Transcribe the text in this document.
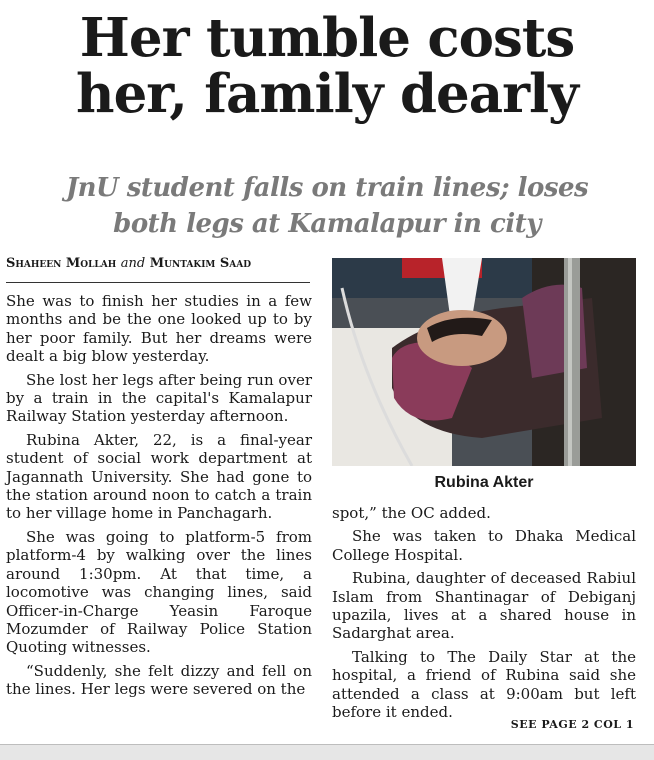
Her tumble costs
her, family dearly
JnU student falls on train lines; loses
both legs at Kamalapur in city
Shaheen Mollah and Muntakim Saad

She was to finish her studies in a few months and be the one looked up to by her poor family. But her dreams were dealt a big blow yesterday.

She lost her legs after being run over by a train in the capital's Kamalapur Railway Station yesterday afternoon.

Rubina Akter, 22, is a final-year student of social work department at Jagannath University. She had gone to the station around noon to catch a train to her village home in Panchagarh.

She was going to platform-5 from platform-4 by walking over the lines around 1:30pm. At that time, a locomotive was changing lines, said Officer-in-Charge Yeasin Faroque Mozumder of Railway Police Station Quoting witnesses.

“Suddenly, she felt dizzy and fell on the lines. Her legs were severed on the

Rubina Akter

spot,” the OC added.

She was taken to Dhaka Medical College Hospital.

Rubina, daughter of deceased Rabiul Islam from Shantinagar of Debiganj upazila, lives at a shared house in Sadarghat area.

Talking to The Daily Star at the hospital, a friend of Rubina said she attended a class at 9:00am but left before it ended.

SEE PAGE 2 COL 1
